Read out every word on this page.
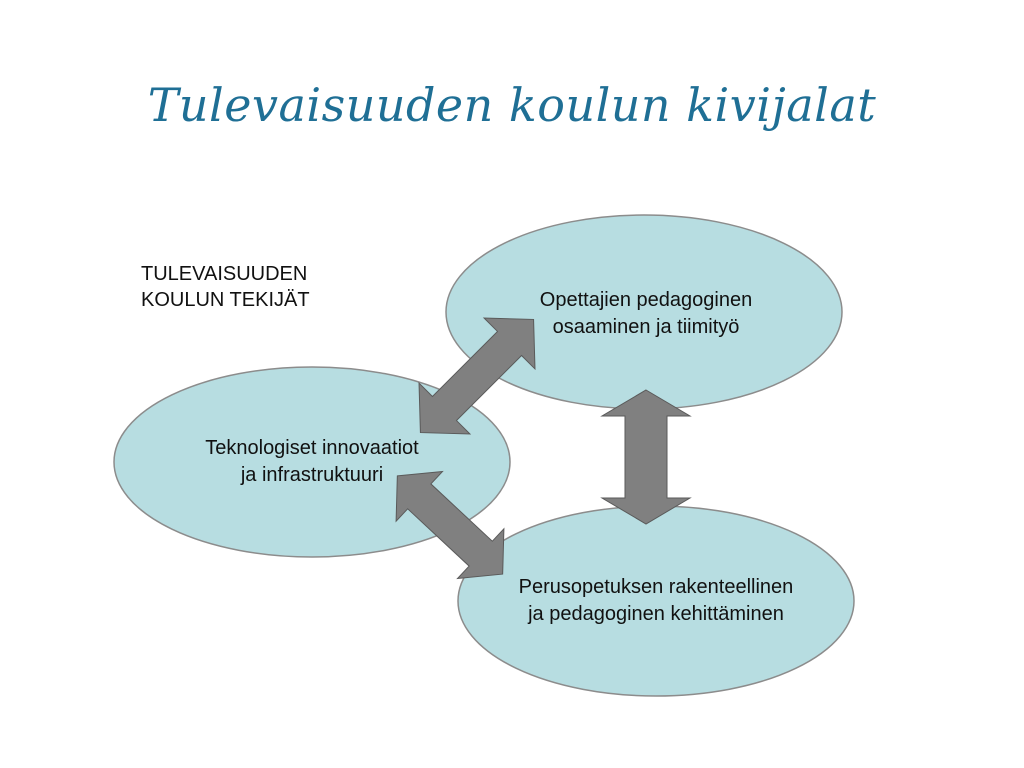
Tulevaisuuden koulun kivijalat
TULEVAISUUDEN
KOULUN TEKIJÄT	Opettajien pedagoginen
osaaminen ja tiimityö
Teknologiset innovaatiot
ja infrastruktuuri
Perusopetuksen rakenteellinen
ja pedagoginen kehittäminen
